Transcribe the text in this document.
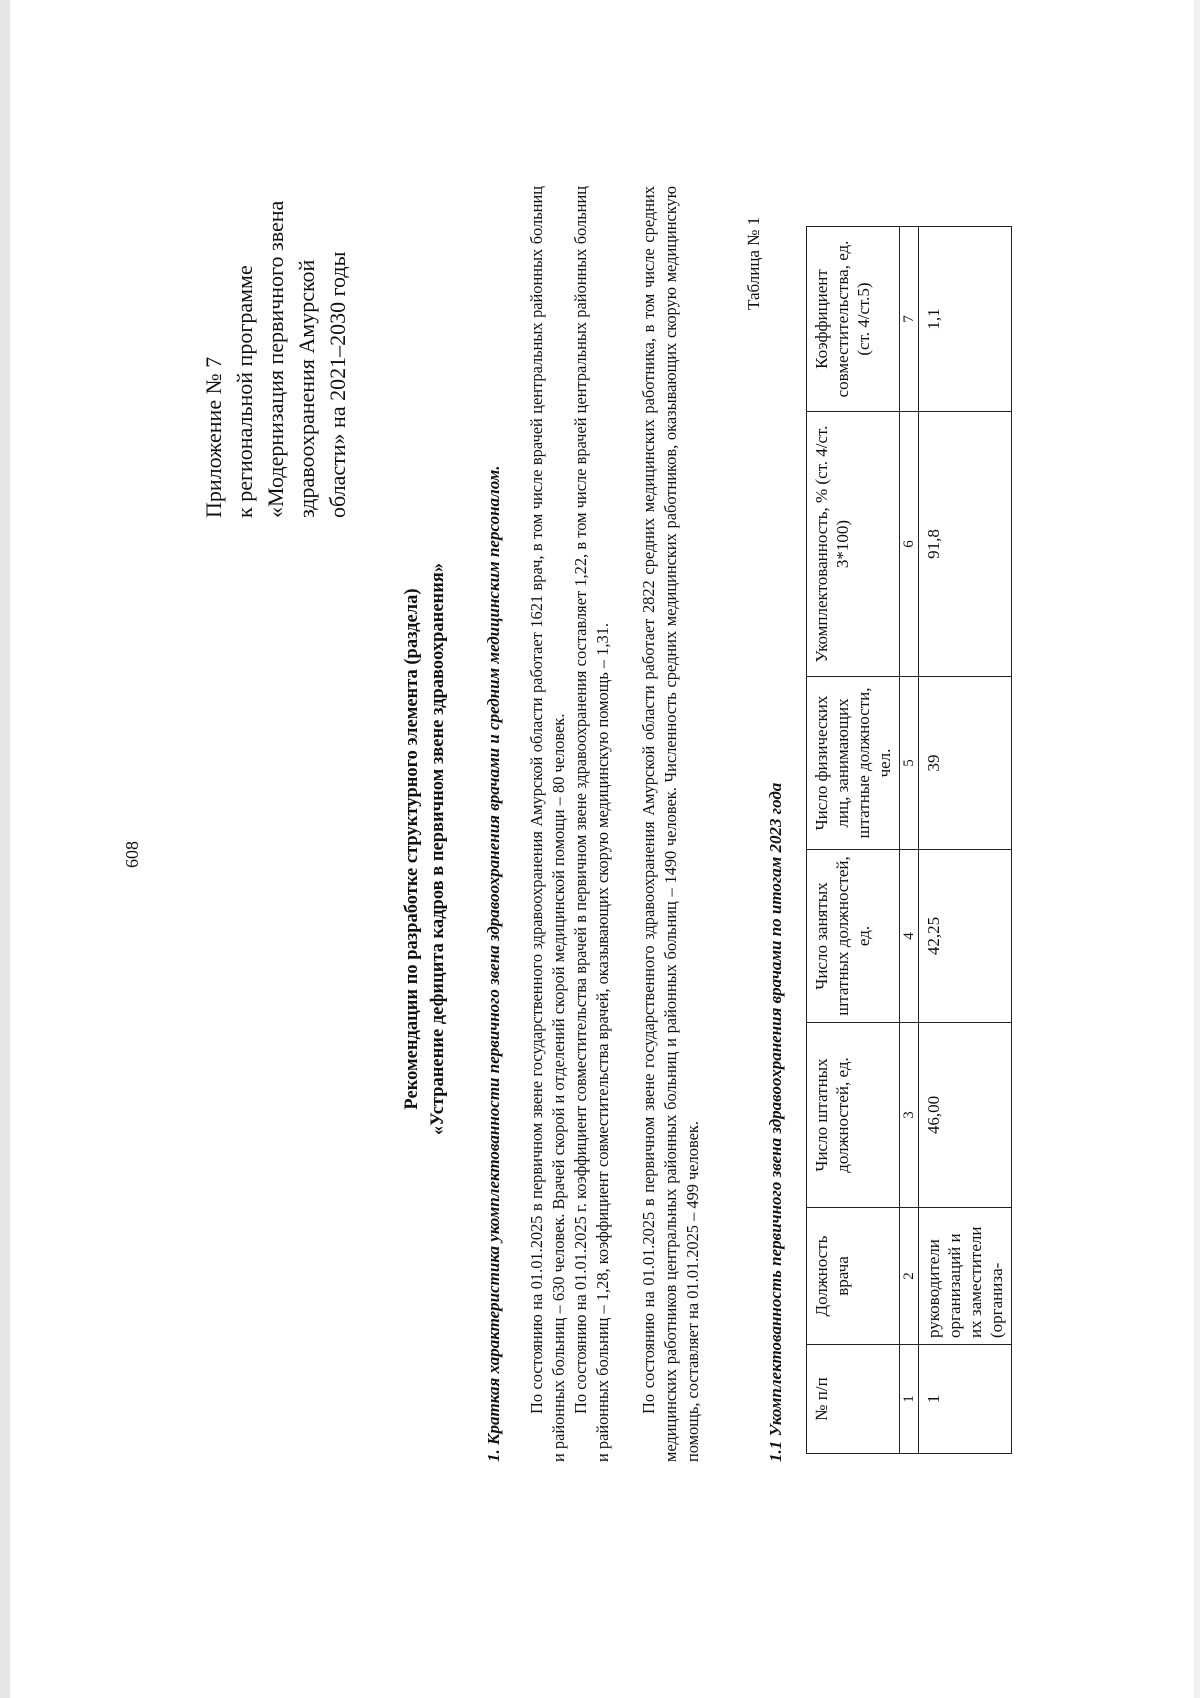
608
Приложение № 7 к региональной программе «Модернизация первичного звена здравоохранения Амурской области» на 2021–2030 годы
Рекомендации по разработке структурного элемента (раздела) «Устранение дефицита кадров в первичном звене здравоохранения» 1. Краткая характеристика укомплектованности первичного звена здравоохранения врачами и средним медицинским персоналом. По состоянию на 01.01.2025 в первичном звене государственного здравоохранения Амурской области работает 1621 врач, в том числе врачей центральных районных больниц и районных больниц – 630 человек. Врачей скорой и отделений скорой медицинской помощи – 80 человек. По состоянию на 01.01.2025 г. коэффициент совместительства врачей в первичном звене здравоохранения составляет 1,22, в том числе врачей центральных районных больниц и районных больниц – 1,28, коэффициент совместительства врачей, оказывающих скорую медицинскую помощь – 1,31. По состоянию на 01.01.2025 в первичном звене государственного здравоохранения Амурской области работает 2822 средних медицинских работника, в том числе средних медицинских работников центральных районных больниц и районных больниц – 1490 человек. Численность средних медицинских работников, оказывающих скорую медицинскую помощь, составляет на 01.01.2025 – 499 человек.
Таблица № 1
1.1 Укомплектованность первичного звена здравоохранения врачами по итогам 2023 года № п/п	Должность врача	Число штатных должностей, ед.	Число занятых штатных должностей, ед.	Число физических лиц, занимающих штатные должности, чел.	Укомплектованность, % (ст. 4/ст. 3*100)	Коэффициент совместительства, ед. (ст. 4/ст.5)
1	2	3	4	5	6	7
1	руководители организаций и их заместители (организа-	46,00	42,25	39	91,8	1,1
